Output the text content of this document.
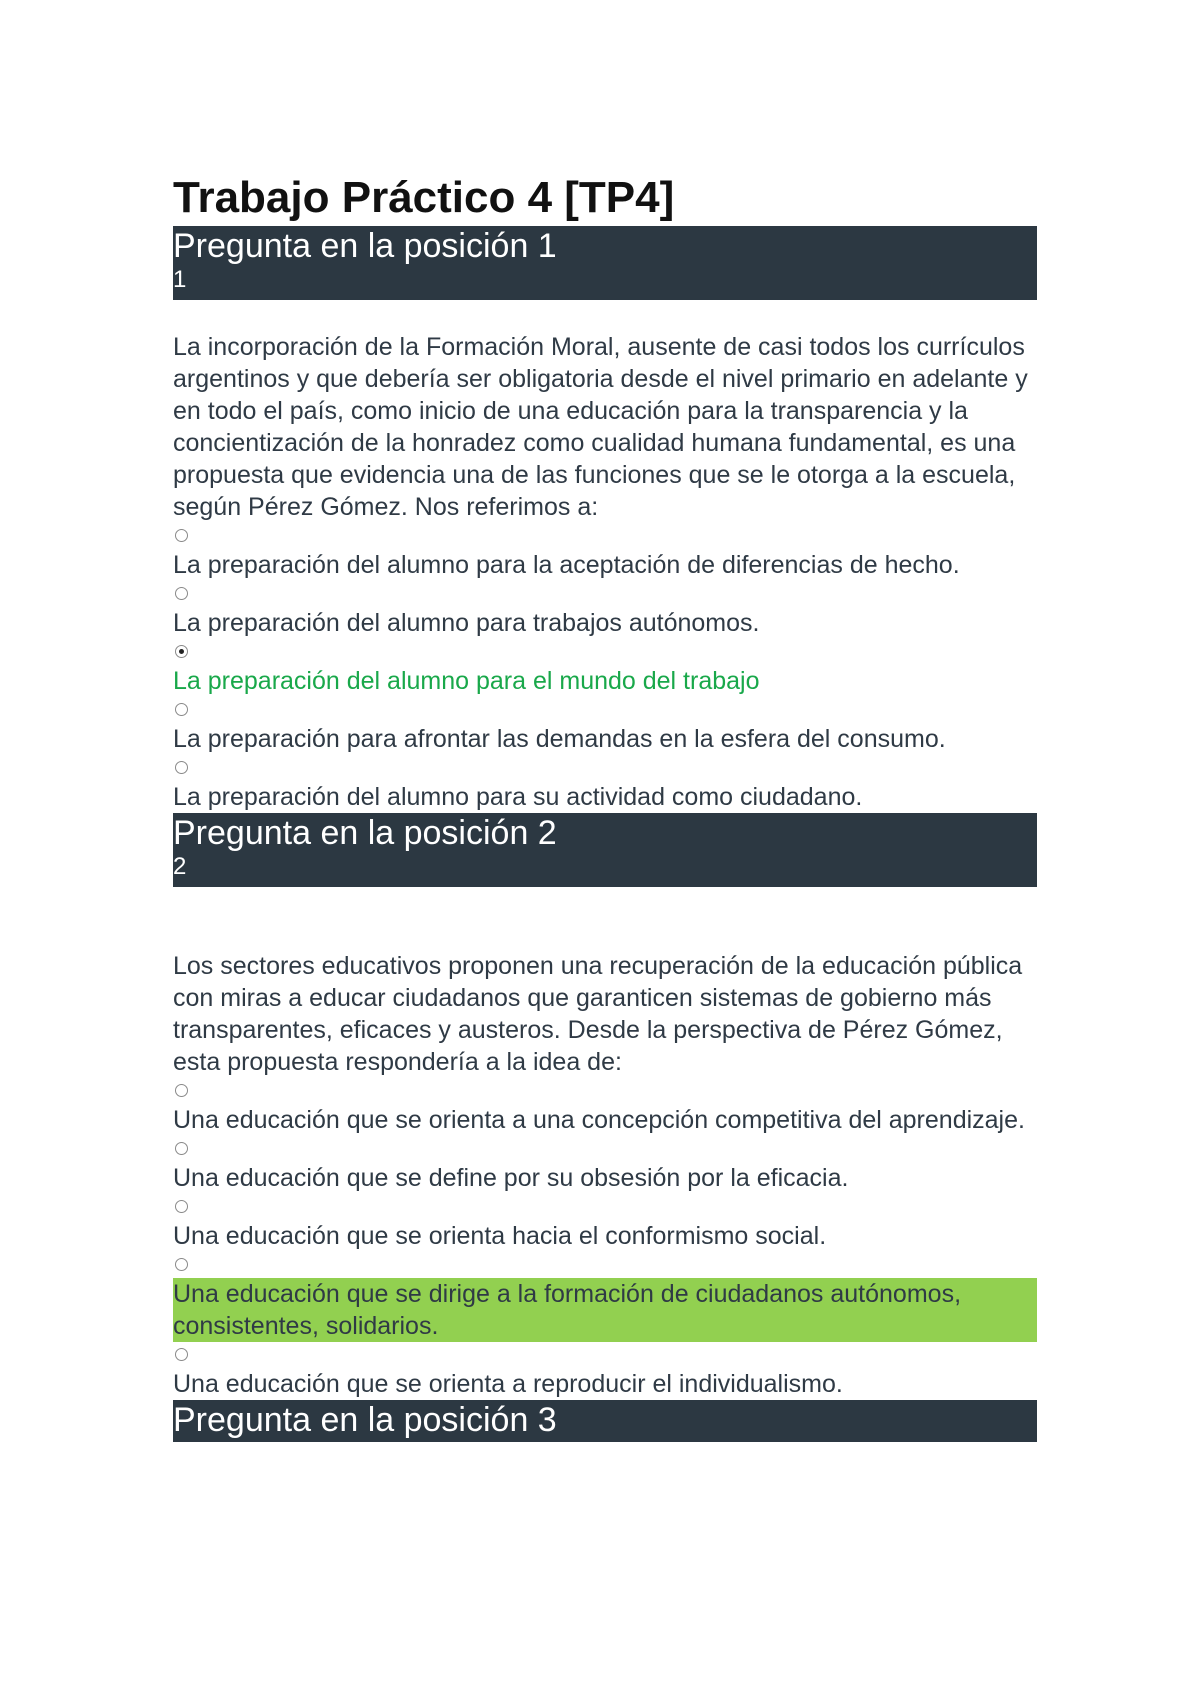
Trabajo Práctico 4 [TP4]
Pregunta en la posición 1
1

La incorporación de la Formación Moral, ausente de casi todos los currículos argentinos y que debería ser obligatoria desde el nivel primario en adelante y en todo el país, como inicio de una educación para la transparencia y la concientización de la honradez como cualidad humana fundamental, es una propuesta que evidencia una de las funciones que se le otorga a la escuela, según Pérez Gómez. Nos referimos a:

La preparación del alumno para la aceptación de diferencias de hecho.
La preparación del alumno para trabajos autónomos.
La preparación del alumno para el mundo del trabajo
La preparación para afrontar las demandas en la esfera del consumo.
La preparación del alumno para su actividad como ciudadano.
Pregunta en la posición 2
2

Los sectores educativos proponen una recuperación de la educación pública con miras a educar ciudadanos que garanticen sistemas de gobierno más transparentes, eficaces y austeros. Desde la perspectiva de Pérez Gómez, esta propuesta respondería a la idea de:

Una educación que se orienta a una concepción competitiva del aprendizaje.
Una educación que se define por su obsesión por la eficacia.
Una educación que se orienta hacia el conformismo social.
Una educación que se dirige a la formación de ciudadanos autónomos, consistentes, solidarios.
Una educación que se orienta a reproducir el individualismo.
Pregunta en la posición 3
